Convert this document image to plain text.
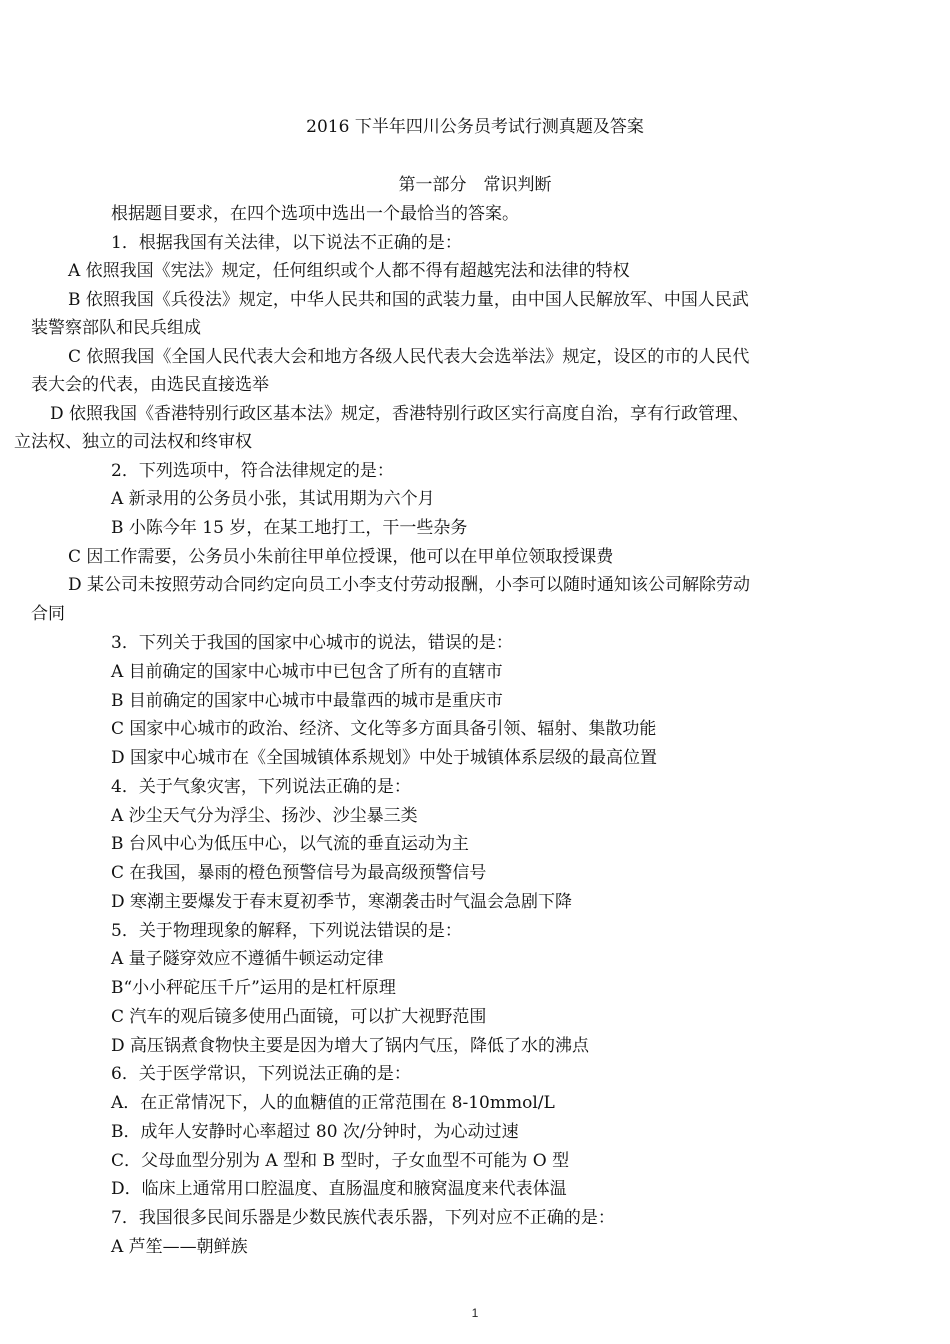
2016 下半年四川公务员考试行测真题及答案
第一部分　常识判断
根据题目要求，在四个选项中选出一个最恰当的答案。
1．根据我国有关法律，以下说法不正确的是：
A 依照我国《宪法》规定，任何组织或个人都不得有超越宪法和法律的特权
B 依照我国《兵役法》规定，中华人民共和国的武装力量，由中国人民解放军、中国人民武
装警察部队和民兵组成
C 依照我国《全国人民代表大会和地方各级人民代表大会选举法》规定，设区的市的人民代
表大会的代表，由选民直接选举
D 依照我国《香港特别行政区基本法》规定，香港特别行政区实行高度自治，享有行政管理、
立法权、独立的司法权和终审权
2．下列选项中，符合法律规定的是：
A 新录用的公务员小张，其试用期为六个月
B 小陈今年 15 岁，在某工地打工，干一些杂务
C 因工作需要，公务员小朱前往甲单位授课，他可以在甲单位领取授课费
D 某公司未按照劳动合同约定向员工小李支付劳动报酬，小李可以随时通知该公司解除劳动
合同
3．下列关于我国的国家中心城市的说法，错误的是：
A 目前确定的国家中心城市中已包含了所有的直辖市
B 目前确定的国家中心城市中最靠西的城市是重庆市
C 国家中心城市的政治、经济、文化等多方面具备引领、辐射、集散功能
D 国家中心城市在《全国城镇体系规划》中处于城镇体系层级的最高位置
4．关于气象灾害，下列说法正确的是：
A 沙尘天气分为浮尘、扬沙、沙尘暴三类
B 台风中心为低压中心，以气流的垂直运动为主
C 在我国，暴雨的橙色预警信号为最高级预警信号
D 寒潮主要爆发于春末夏初季节，寒潮袭击时气温会急剧下降
5．关于物理现象的解释，下列说法错误的是：
A 量子隧穿效应不遵循牛顿运动定律
B“小小秤砣压千斤”运用的是杠杆原理
C 汽车的观后镜多使用凸面镜，可以扩大视野范围
D 高压锅煮食物快主要是因为增大了锅内气压，降低了水的沸点
6．关于医学常识，下列说法正确的是：
A．在正常情况下，人的血糖值的正常范围在 8-10mmol/L
B．成年人安静时心率超过 80 次/分钟时，为心动过速
C．父母血型分别为 A 型和 B 型时，子女血型不可能为 O 型
D．临床上通常用口腔温度、直肠温度和腋窝温度来代表体温
7．我国很多民间乐器是少数民族代表乐器，下列对应不正确的是：
A 芦笙——朝鲜族
1
